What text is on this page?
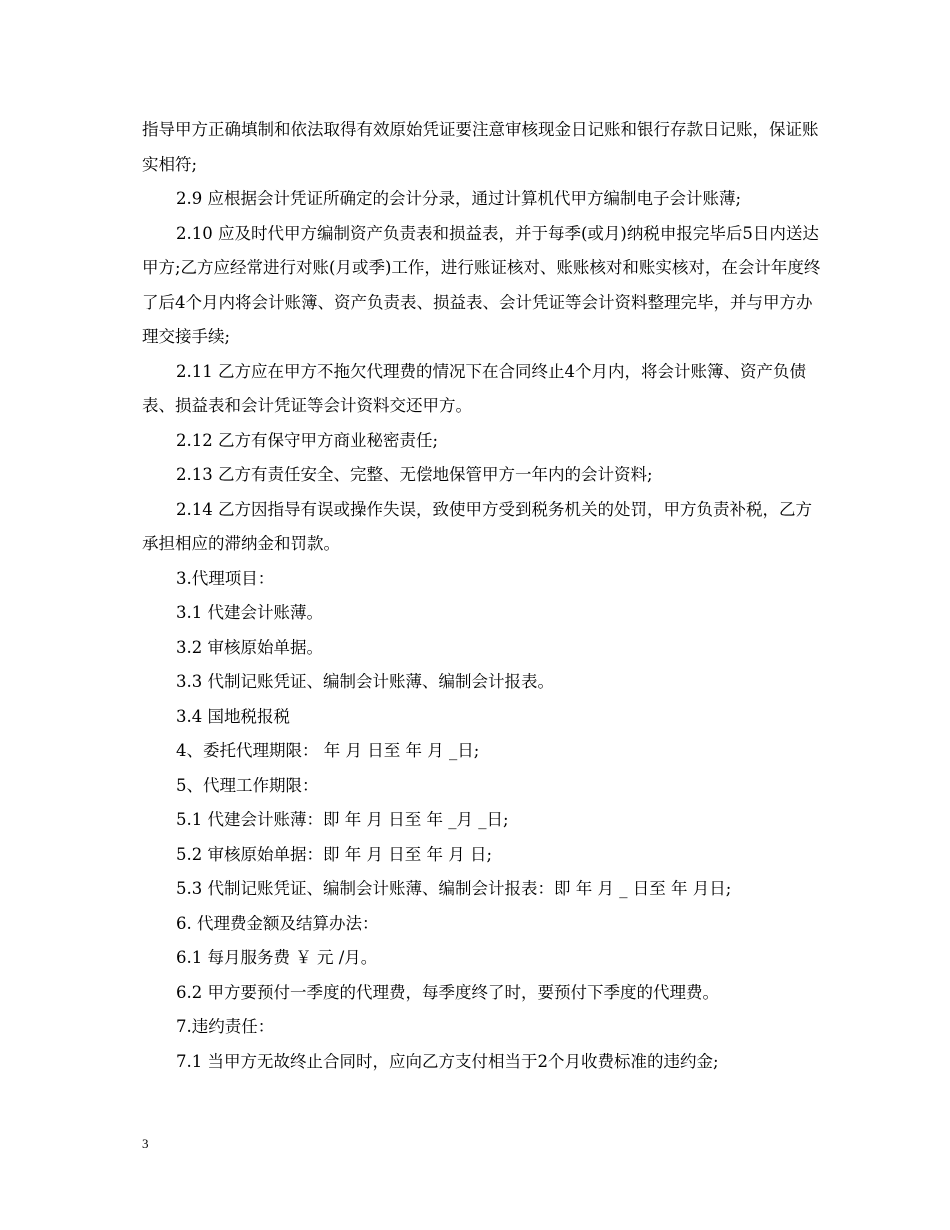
指导甲方正确填制和依法取得有效原始凭证要注意审核现金日记账和银行存款日记账，保证账实相符;

2.9 应根据会计凭证所确定的会计分录，通过计算机代甲方编制电子会计账薄;

2.10 应及时代甲方编制资产负责表和损益表，并于每季(或月)纳税申报完毕后5日内送达甲方;乙方应经常进行对账(月或季)工作，进行账证核对、账账核对和账实核对，在会计年度终了后4个月内将会计账簿、资产负责表、损益表、会计凭证等会计资料整理完毕，并与甲方办理交接手续;

2.11 乙方应在甲方不拖欠代理费的情况下在合同终止4个月内，将会计账簿、资产负债表、损益表和会计凭证等会计资料交还甲方。

2.12 乙方有保守甲方商业秘密责任;

2.13 乙方有责任安全、完整、无偿地保管甲方一年内的会计资料;

2.14 乙方因指导有误或操作失误，致使甲方受到税务机关的处罚，甲方负责补税，乙方承担相应的滞纳金和罚款。

3.代理项目：

3.1 代建会计账薄。

3.2 审核原始单据。

3.3 代制记账凭证、编制会计账薄、编制会计报表。

3.4 国地税报税

4、委托代理期限： 年 月 日至 年 月 _日;

5、代理工作期限：

5.1 代建会计账薄：即 年 月 日至 年 _月 _日;

5.2 审核原始单据：即 年 月 日至 年 月 日;

5.3 代制记账凭证、编制会计账薄、编制会计报表：即 年 月 _ 日至 年 月日;

6. 代理费金额及结算办法：

6.1 每月服务费 ￥ 元 /月。

6.2 甲方要预付一季度的代理费，每季度终了时，要预付下季度的代理费。

7.违约责任：

7.1 当甲方无故终止合同时，应向乙方支付相当于2个月收费标准的违约金;

3
